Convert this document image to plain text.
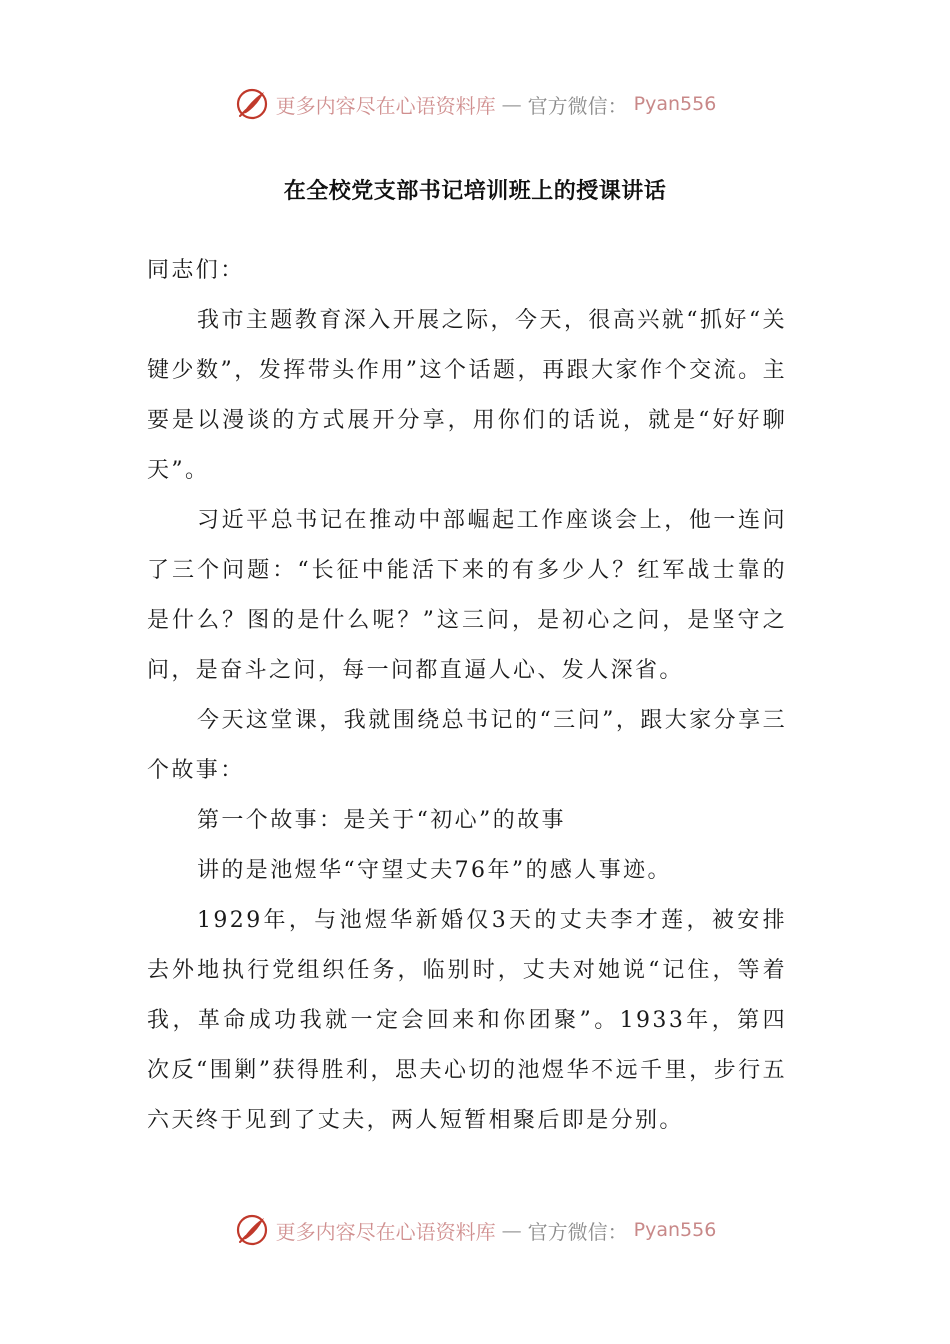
更多内容尽在心语资料库 — 官方微信： Pyan556
在全校党支部书记培训班上的授课讲话

同志们：

我市主题教育深入开展之际，今天，很高兴就“抓好“关键少数”，发挥带头作用”这个话题，再跟大家作个交流。主要是以漫谈的方式展开分享，用你们的话说，就是“好好聊天”。

习近平总书记在推动中部崛起工作座谈会上，他一连问了三个问题：“长征中能活下来的有多少人？红军战士靠的是什么？图的是什么呢？”这三问，是初心之问，是坚守之问，是奋斗之问，每一问都直逼人心、发人深省。

今天这堂课，我就围绕总书记的“三问”，跟大家分享三个故事：

第一个故事：是关于“初心”的故事

讲的是池煜华“守望丈夫76年”的感人事迹。

1929年，与池煜华新婚仅3天的丈夫李才莲，被安排去外地执行党组织任务，临别时，丈夫对她说“记住，等着我，革命成功我就一定会回来和你团聚”。1933年，第四次反“围剿”获得胜利，思夫心切的池煜华不远千里，步行五六天终于见到了丈夫，两人短暂相聚后即是分别。

更多内容尽在心语资料库 — 官方微信： Pyan556
